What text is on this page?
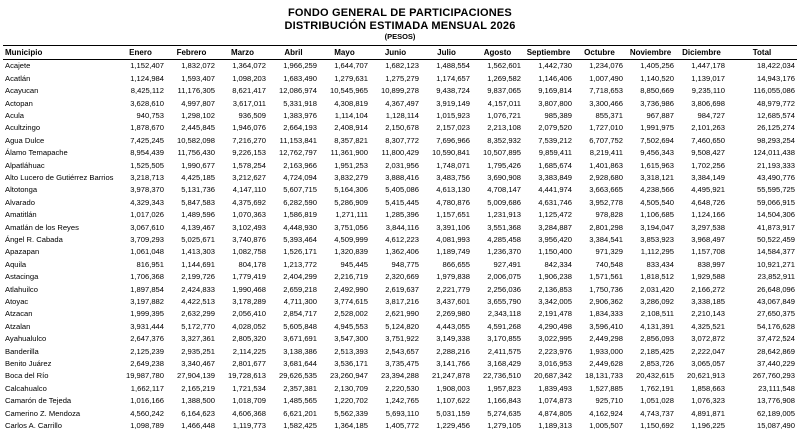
FONDO GENERAL DE PARTICIPACIONES
DISTRIBUCIÓN ESTIMADA MENSUAL 2026
(PESOS)
Municipio	Enero	Febrero	Marzo	Abril	Mayo	Junio	Julio	Agosto	Septiembre	Octubre	Noviembre	Diciembre	Total
Acajete	1,152,407	1,832,072	1,364,072	1,966,259	1,644,707	1,682,123	1,488,554	1,562,601	1,442,730	1,234,076	1,405,256	1,447,178	18,422,034
Acatlán	1,124,984	1,593,407	1,098,203	1,683,490	1,279,631	1,275,279	1,174,657	1,269,582	1,146,406	1,007,490	1,140,520	1,139,017	14,943,176
Acayucan	8,425,112	11,176,305	8,621,417	12,086,974	10,545,965	10,899,278	9,438,724	9,837,065	9,169,814	7,718,653	8,850,669	9,235,110	116,055,086
Actopan	3,628,610	4,997,807	3,617,011	5,331,918	4,308,819	4,367,497	3,919,149	4,157,011	3,807,800	3,300,466	3,736,986	3,806,698	48,979,772
Acula	940,753	1,298,102	936,509	1,383,976	1,114,104	1,128,114	1,015,923	1,076,721	985,389	855,371	967,887	984,727	12,685,574
Acultzingo	1,878,670	2,445,845	1,946,076	2,664,193	2,408,914	2,150,678	2,157,023	2,213,108	2,079,520	1,727,010	1,991,975	2,101,263	26,125,274
Agua Dulce	7,425,245	10,582,098	7,216,270	11,153,841	8,357,821	8,307,772	7,696,966	8,352,932	7,539,212	6,707,752	7,502,694	7,460,650	98,293,254
Álamo Temapache	8,954,439	11,756,430	9,226,153	12,762,797	11,361,900	11,800,429	10,590,841	10,507,895	9,859,411	8,219,411	9,456,343	9,508,427	124,011,438
Alpatláhuac	1,525,505	1,990,677	1,578,254	2,163,966	1,951,253	2,031,956	1,748,071	1,795,426	1,685,674	1,401,863	1,615,963	1,702,256	21,193,333
Alto Lucero de Gutiérrez Barrios	3,218,713	4,425,185	3,212,627	4,724,094	3,832,279	3,888,416	3,483,756	3,690,908	3,383,849	2,928,680	3,318,121	3,384,149	43,490,776
Altotonga	3,978,370	5,131,736	4,147,110	5,607,715	5,164,306	5,405,086	4,613,130	4,708,147	4,441,974	3,663,665	4,238,566	4,495,921	55,595,725
Alvarado	4,329,343	5,847,583	4,375,692	6,282,590	5,286,909	5,415,445	4,780,876	5,009,686	4,631,746	3,952,778	4,505,540	4,648,726	59,066,915
Amatitlán	1,017,026	1,489,596	1,070,363	1,586,819	1,271,111	1,285,396	1,157,651	1,231,913	1,125,472	978,828	1,106,685	1,124,166	14,504,306
Amatlán de los Reyes	3,067,610	4,139,467	3,102,493	4,448,930	3,751,056	3,844,116	3,391,106	3,551,368	3,284,887	2,801,298	3,194,047	3,297,538	41,873,917
Ángel R. Cabada	3,709,293	5,025,671	3,740,876	5,393,464	4,509,999	4,612,223	4,081,993	4,285,458	3,956,420	3,384,541	3,853,923	3,968,497	50,522,459
Apazapan	1,061,048	1,413,303	1,082,758	1,526,171	1,320,839	1,362,406	1,189,749	1,236,370	1,150,400	971,329	1,112,295	1,157,708	14,584,377
Aquila	816,951	1,144,691	804,178	1,213,772	945,445	948,775	866,655	927,491	842,334	740,548	833,434	838,997	10,921,271
Astacinga	1,706,368	2,199,726	1,779,419	2,404,299	2,216,719	2,320,669	1,979,838	2,006,075	1,906,238	1,571,561	1,818,512	1,929,588	23,852,911
Atlahuilco	1,897,854	2,424,833	1,990,468	2,659,218	2,492,990	2,619,637	2,221,779	2,256,036	2,136,853	1,750,736	2,031,420	2,166,272	26,648,096
Atoyac	3,197,882	4,422,513	3,178,289	4,711,300	3,774,615	3,817,216	3,437,601	3,655,790	3,342,005	2,906,362	3,286,092	3,338,185	43,067,849
Atzacan	1,999,395	2,632,299	2,056,410	2,854,717	2,528,002	2,621,990	2,269,980	2,343,118	2,191,478	1,834,333	2,108,511	2,210,143	27,650,375
Atzalan	3,931,444	5,172,770	4,028,052	5,605,848	4,945,553	5,124,820	4,443,055	4,591,268	4,290,498	3,596,410	4,131,391	4,325,521	54,176,628
Ayahualulco	2,647,376	3,327,361	2,805,320	3,671,691	3,547,300	3,751,922	3,149,338	3,170,855	3,022,995	2,449,298	2,856,093	3,072,872	37,472,524
Banderilla	2,125,239	2,935,251	2,114,225	3,138,386	2,513,393	2,543,657	2,288,216	2,411,575	2,223,976	1,933,000	2,185,425	2,222,047	28,642,869
Benito Juárez	2,649,238	3,340,467	2,801,677	3,681,644	3,536,171	3,735,475	3,141,766	3,168,429	3,016,953	2,449,628	2,853,726	3,065,057	37,440,229
Boca del Río	19,987,780	27,904,139	19,728,613	29,626,535	23,260,947	23,394,288	21,247,878	22,736,510	20,687,342	18,131,733	20,432,615	20,621,913	267,760,293
Calcahualco	1,662,117	2,165,219	1,721,534	2,357,381	2,130,709	2,220,530	1,908,003	1,957,823	1,839,493	1,527,885	1,762,191	1,858,663	23,111,548
Camarón de Tejeda	1,016,166	1,388,500	1,018,709	1,485,565	1,220,702	1,242,765	1,107,622	1,166,843	1,074,873	925,710	1,051,028	1,076,323	13,776,908
Camerino Z. Mendoza	4,560,242	6,164,623	4,606,368	6,621,201	5,562,339	5,693,110	5,031,159	5,274,635	4,874,805	4,162,924	4,743,737	4,891,871	62,189,005
Carlos A. Carrillo	1,098,789	1,466,448	1,119,773	1,582,425	1,364,185	1,405,772	1,229,456	1,279,105	1,189,313	1,005,507	1,150,692	1,196,225	15,087,490
